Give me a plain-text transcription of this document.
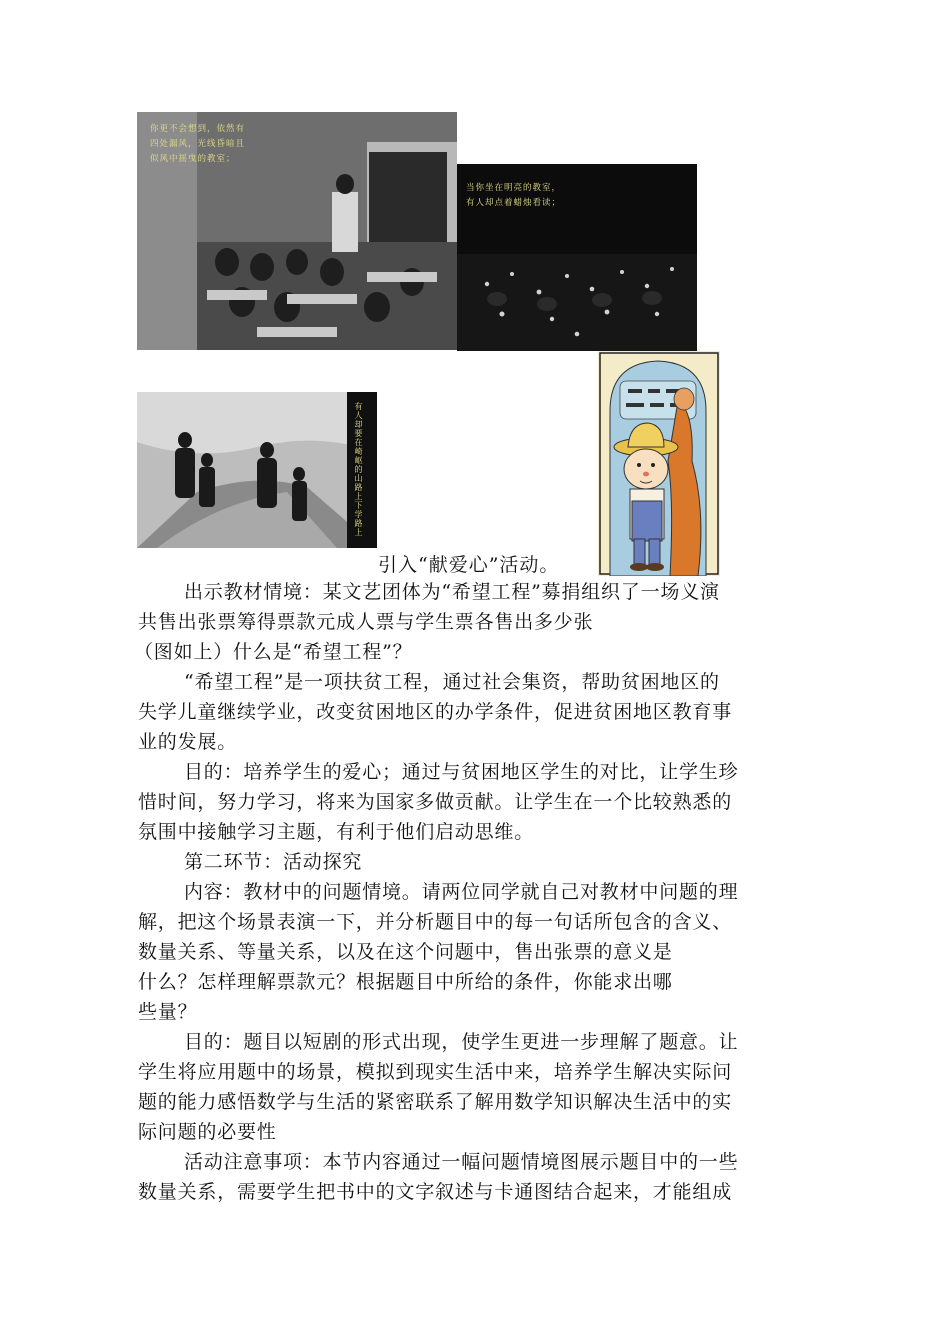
你更不会想到，依然有
四处漏风，光线昏暗且
似风中摇曳的教室；
当你坐在明亮的教室，
有人却点着蜡烛看读；
有人却要在崎岖的山路上下学路上
引入“献爱心”活动。
出示教材情境：某文艺团体为“希望工程”募捐组织了一场义演
共售出张票筹得票款元成人票与学生票各售出多少张
（图如上）什么是“希望工程”？
“希望工程”是一项扶贫工程，通过社会集资，帮助贫困地区的
失学儿童继续学业，改变贫困地区的办学条件，促进贫困地区教育事
业的发展。
目的：培养学生的爱心；通过与贫困地区学生的对比，让学生珍
惜时间，努力学习，将来为国家多做贡献。让学生在一个比较熟悉的
氛围中接触学习主题，有利于他们启动思维。
第二环节：活动探究
内容：教材中的问题情境。请两位同学就自己对教材中问题的理
解，把这个场景表演一下，并分析题目中的每一句话所包含的含义、
数量关系、等量关系，以及在这个问题中，售出张票的意义是
什么？怎样理解票款元？根据题目中所给的条件，你能求出哪
些量？
目的：题目以短剧的形式出现，使学生更进一步理解了题意。让
学生将应用题中的场景，模拟到现实生活中来，培养学生解决实际问
题的能力感悟数学与生活的紧密联系了解用数学知识解决生活中的实
际问题的必要性
活动注意事项：本节内容通过一幅问题情境图展示题目中的一些
数量关系，需要学生把书中的文字叙述与卡通图结合起来，才能组成
